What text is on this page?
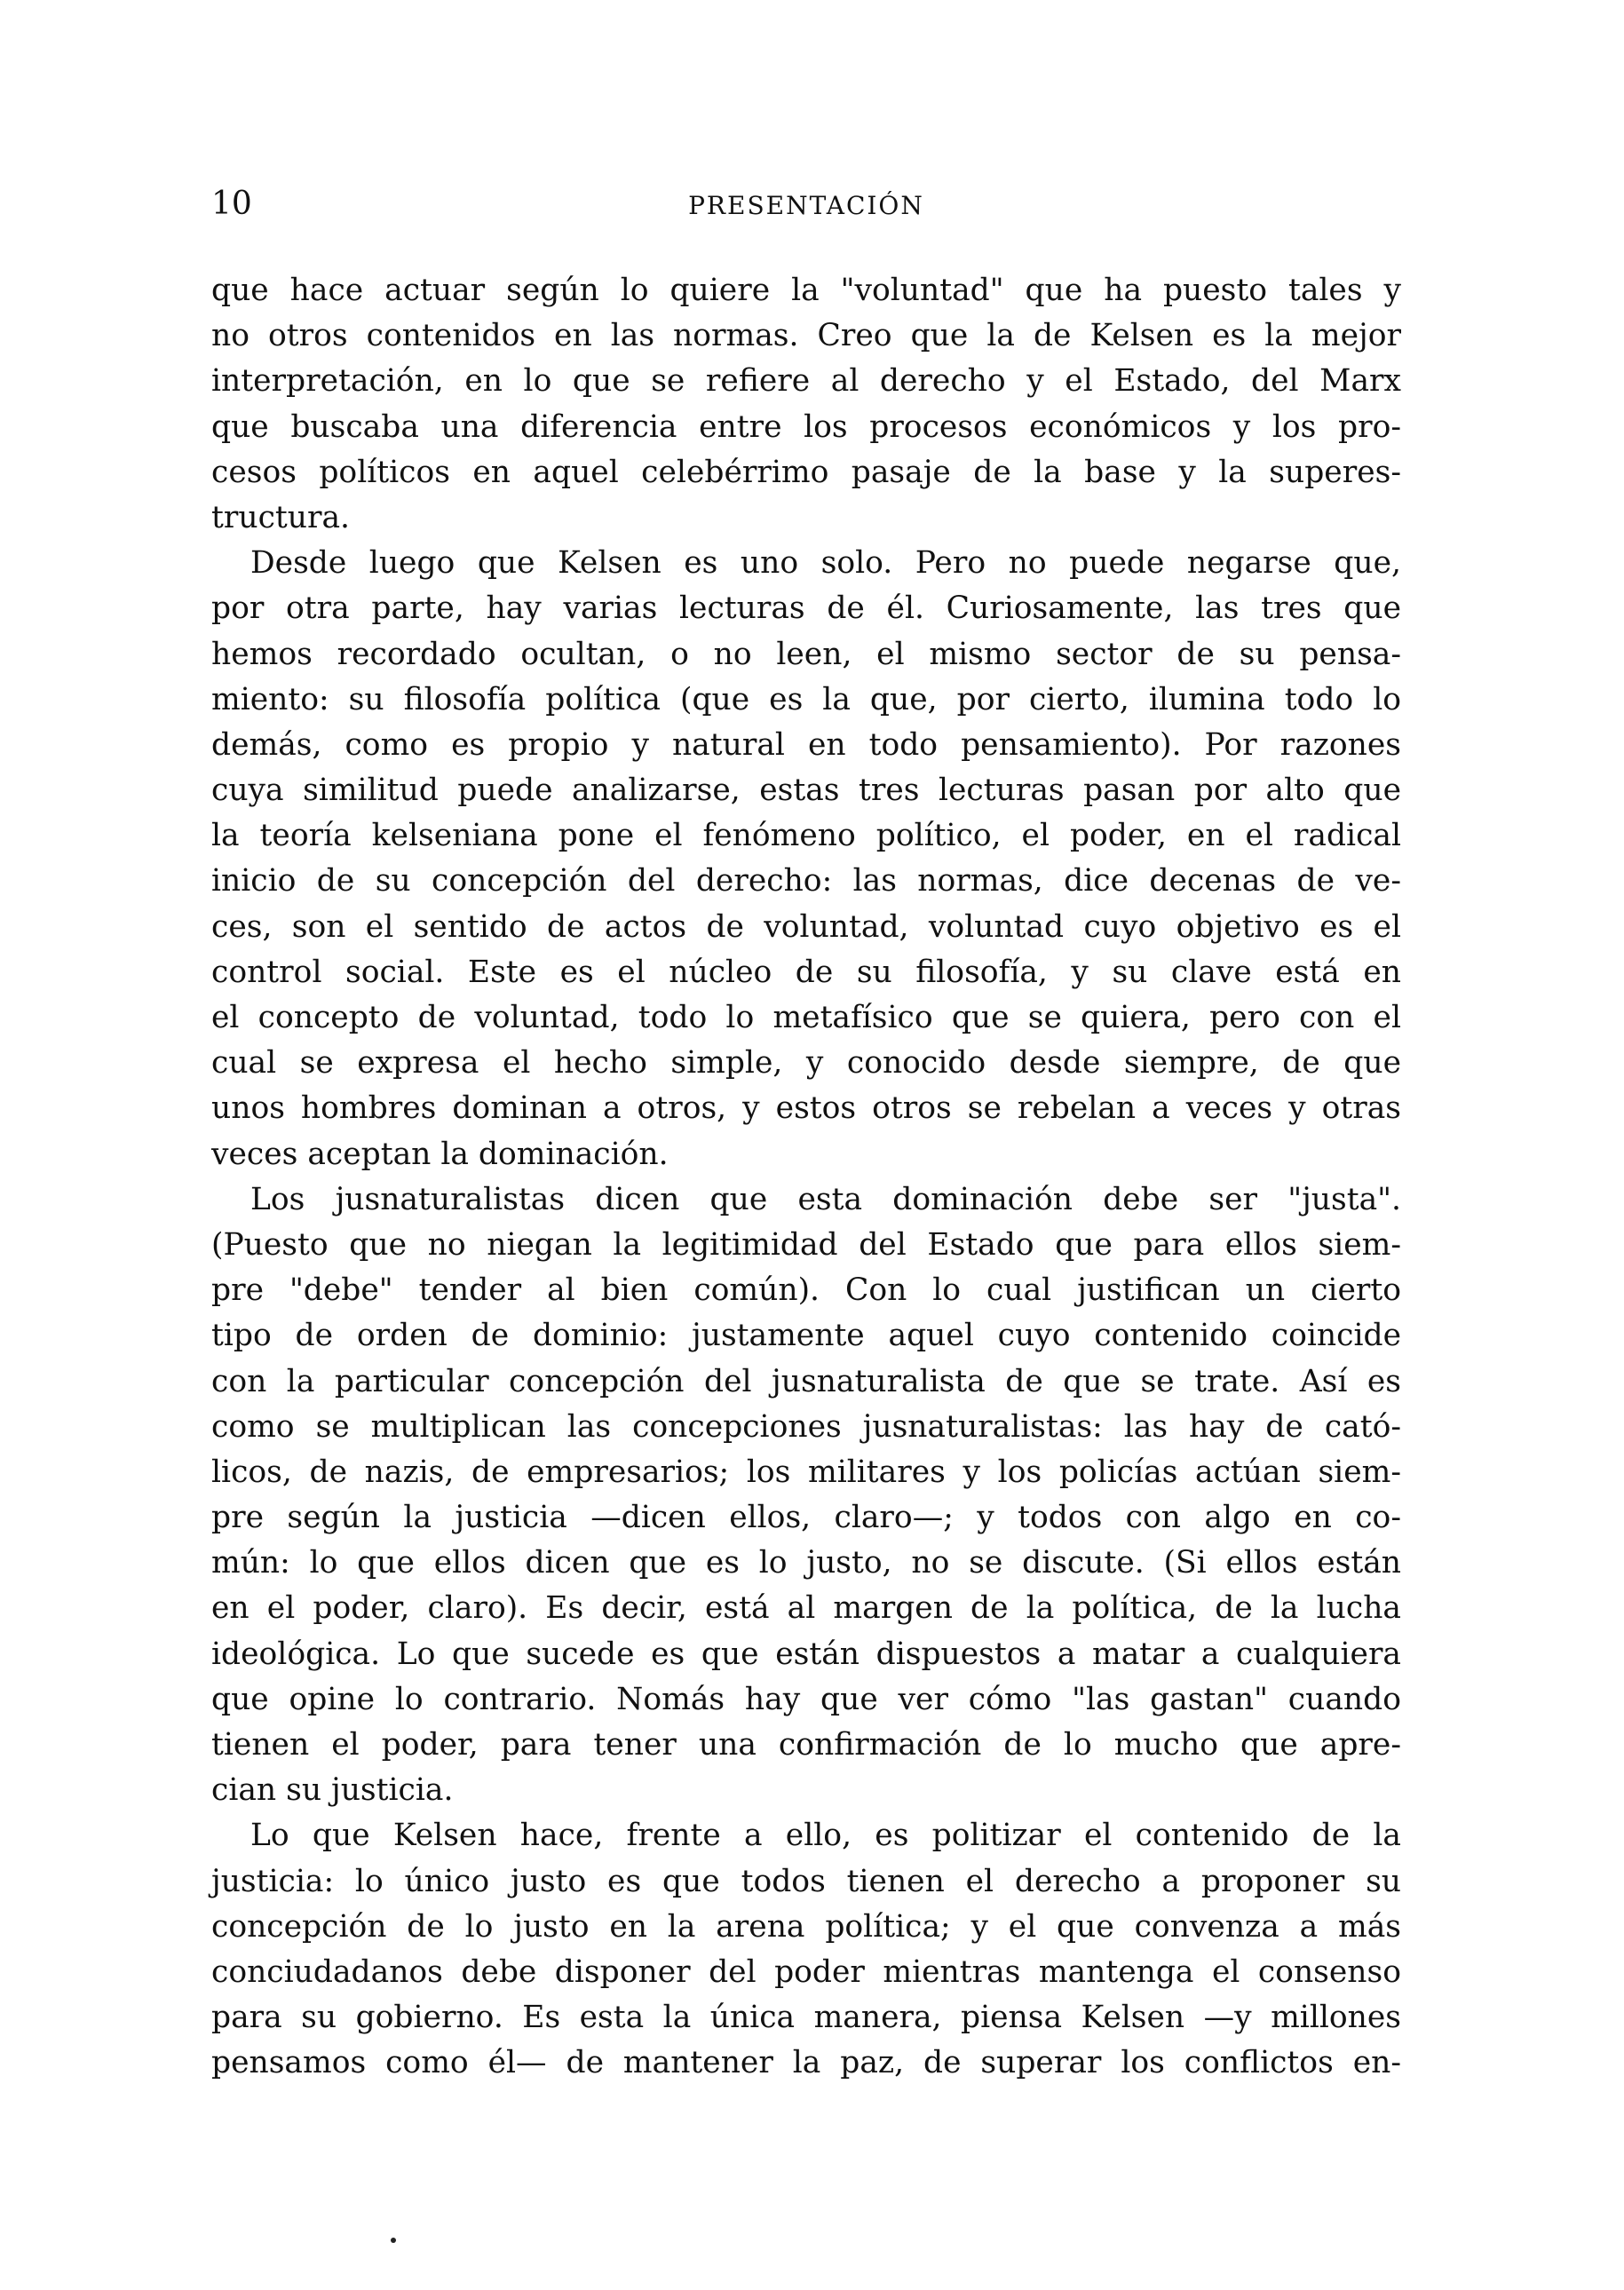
10	PRESENTACIÓN
que hace actuar según lo quiere la "voluntad" que ha puesto tales y
no otros contenidos en las normas. Creo que la de Kelsen es la mejor
interpretación, en lo que se refiere al derecho y el Estado, del Marx
que buscaba una diferencia entre los procesos económicos y los pro-
cesos políticos en aquel celebérrimo pasaje de la base y la superes-
tructura.
Desde luego que Kelsen es uno solo. Pero no puede negarse que,
por otra parte, hay varias lecturas de él. Curiosamente, las tres que
hemos recordado ocultan, o no leen, el mismo sector de su pensa-
miento: su filosofía política (que es la que, por cierto, ilumina todo lo
demás, como es propio y natural en todo pensamiento). Por razones
cuya similitud puede analizarse, estas tres lecturas pasan por alto que
la teoría kelseniana pone el fenómeno político, el poder, en el radical
inicio de su concepción del derecho: las normas, dice decenas de ve-
ces, son el sentido de actos de voluntad, voluntad cuyo objetivo es el
control social. Este es el núcleo de su filosofía, y su clave está en
el concepto de voluntad, todo lo metafísico que se quiera, pero con el
cual se expresa el hecho simple, y conocido desde siempre, de que
unos hombres dominan a otros, y estos otros se rebelan a veces y otras
veces aceptan la dominación.
Los jusnaturalistas dicen que esta dominación debe ser "justa".
(Puesto que no niegan la legitimidad del Estado que para ellos siem-
pre "debe" tender al bien común). Con lo cual justifican un cierto
tipo de orden de dominio: justamente aquel cuyo contenido coincide
con la particular concepción del jusnaturalista de que se trate. Así es
como se multiplican las concepciones jusnaturalistas: las hay de cató-
licos, de nazis, de empresarios; los militares y los policías actúan siem-
pre según la justicia —dicen ellos, claro—; y todos con algo en co-
mún: lo que ellos dicen que es lo justo, no se discute. (Si ellos están
en el poder, claro). Es decir, está al margen de la política, de la lucha
ideológica. Lo que sucede es que están dispuestos a matar a cualquiera
que opine lo contrario. Nomás hay que ver cómo "las gastan" cuando
tienen el poder, para tener una confirmación de lo mucho que apre-
cian su justicia.
Lo que Kelsen hace, frente a ello, es politizar el contenido de la
justicia: lo único justo es que todos tienen el derecho a proponer su
concepción de lo justo en la arena política; y el que convenza a más
conciudadanos debe disponer del poder mientras mantenga el consenso
para su gobierno. Es esta la única manera, piensa Kelsen —y millones
pensamos como él— de mantener la paz, de superar los conflictos en-
